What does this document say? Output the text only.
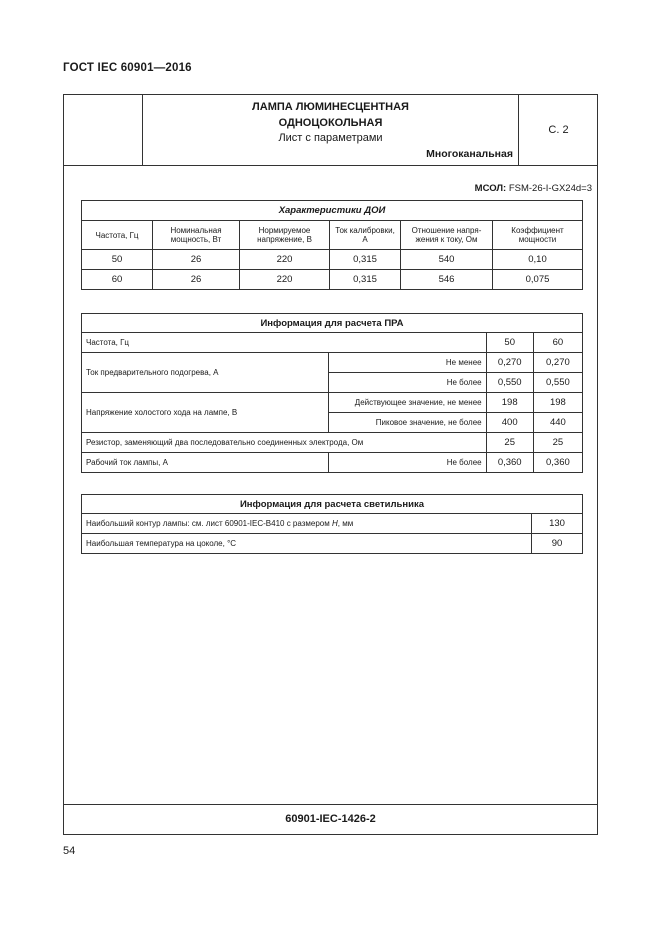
ГОСТ IEC 60901—2016
С. 2
ЛАМПА ЛЮМИНЕСЦЕНТНАЯ
ОДНОЦОКОЛЬНАЯ
Лист с параметрами
Многоканальная
МСОЛ: FSM-26-I-GX24d=3
Характеристики ДОИ					
Частота, Гц	Номинальная мощность, Вт	Нормируемое напряжение, В	Ток калибровки, А	Отношение напря- жения к току, Ом	Коэффициент мощности
50	26	220	0,315	540	0,10
60	26	220	0,315	546	0,075
Информация для расчета ПРА			
Частота, Гц		50	60
Ток предварительного подогрева, А	Не менее	0,270	0,270
	Не более	0,550	0,550
Напряжение холостого хода на лампе, В	Действующее значение, не менее	198	198
	Пиковое значение, не более	400	440
Резистор, заменяющий два последовательно соединенных электрода, Ом		25	25
Рабочий ток лампы, А	Не более	0,360	0,360
Информация для расчета светильника	
Наибольший контур лампы: см. лист 60901-IEC-B410 с размером H, мм	130
Наибольшая температура на цоколе, °С	90
60901-IEC-1426-2
54
